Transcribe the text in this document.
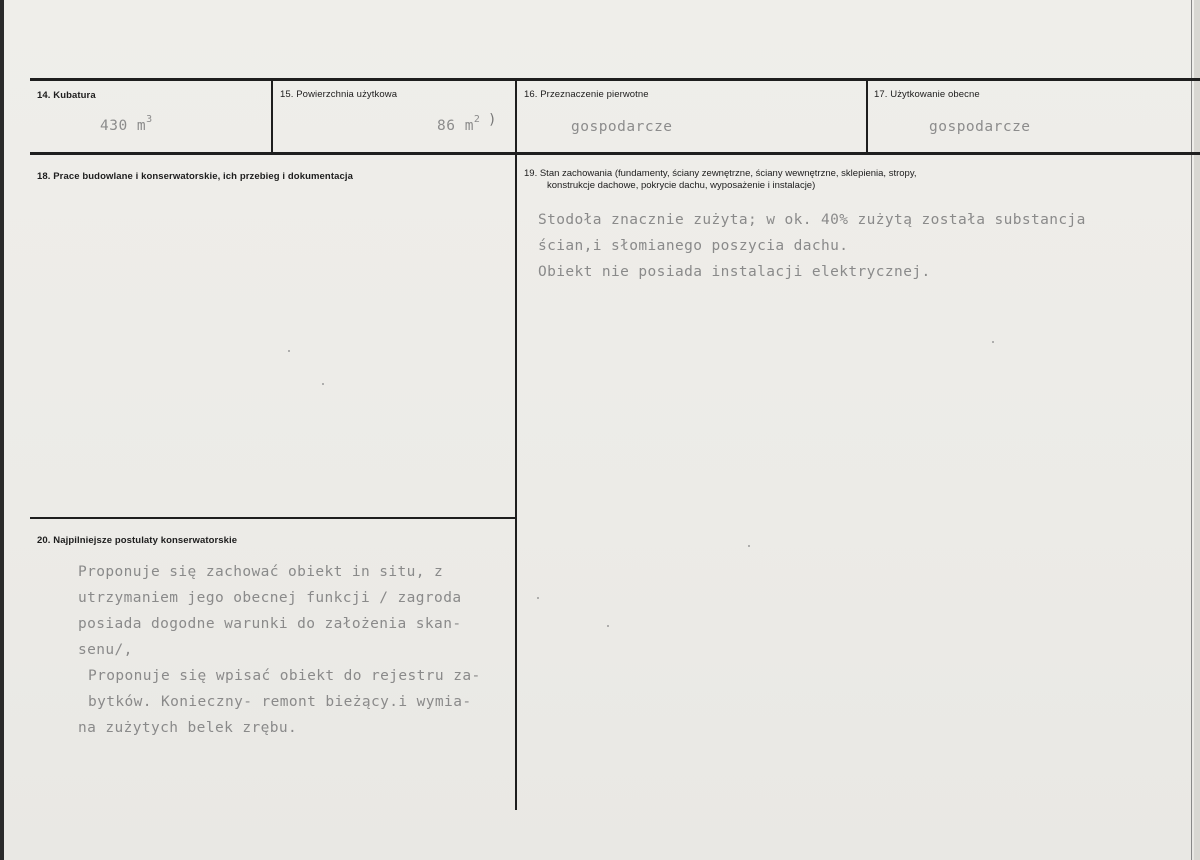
14. Kubatura
430 $m^3$
15. Powierzchnia użytkowa
86 $m^2$ )
16. Przeznaczenie pierwotne
gospodarcze
17. Użytkowanie obecne
gospodarcze
18. Prace budowlane i konserwatorskie, ich przebieg i dokumentacja	19. Stan zachowania (fundamenty, ściany zewnętrzne, ściany wewnętrzne, sklepienia, stropy,
konstrukcje dachowe, pokrycie dachu, wyposażenie i instalacje)
Stodoła znacznie zużyta; w ok. 40% zużytą została substancja
ścian,i słomianego poszycia dachu.
Obiekt nie posiada instalacji elektrycznej.
20. Najpilniejsze postulaty konserwatorskie
Proponuje się zachować obiekt in situ, z
utrzymaniem jego obecnej funkcji / zagroda
posiada dogodne warunki do założenia skan-
senu/,
Proponuje się wpisać obiekt do rejestru za-
bytków. Konieczny- remont bieżący.i wymia-
na zużytych belek zrębu.
